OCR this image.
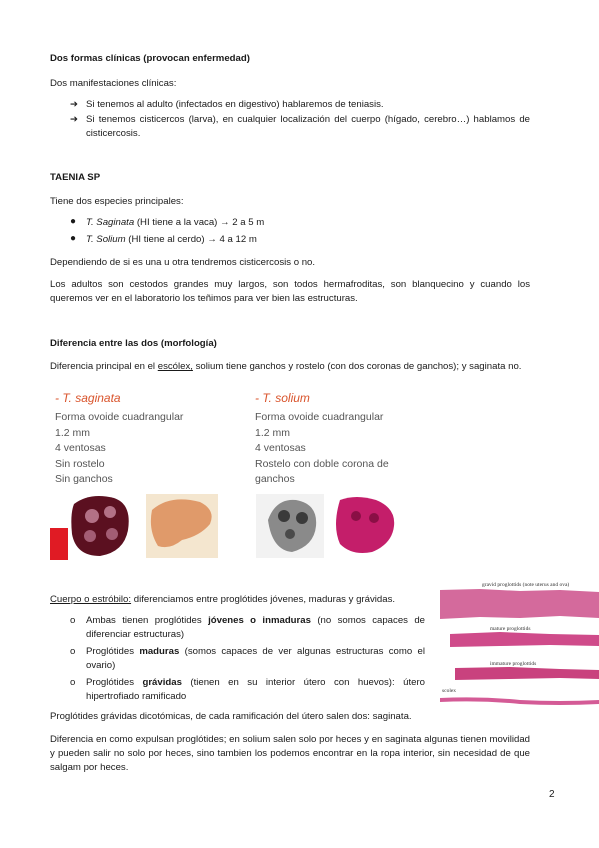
Dos formas clínicas (provocan enfermedad)
Dos manifestaciones clínicas:
➔ Si tenemos al adulto (infectados en digestivo) hablaremos de teniasis.
➔ Si tenemos cisticercos (larva), en cualquier localización del cuerpo (hígado, cerebro…) hablamos de cisticercosis.
TAENIA SP
Tiene dos especies principales:
● T. Saginata (HI tiene a la vaca) → 2 a 5 m
● T. Solium (HI tiene al cerdo) → 4 a 12 m
Dependiendo de si es una u otra tendremos cisticercosis o no.
Los adultos son cestodos grandes muy largos, son todos hermafroditas, son blanquecino y cuando los queremos ver en el laboratorio los teñimos para ver bien las estructuras.
Diferencia entre las dos (morfología)
Diferencia principal en el escólex, solium tiene ganchos y rostelo (con dos coronas de ganchos); y saginata no.
- T. saginata
Forma ovoide cuadrangular
1.2 mm
4 ventosas
Sin rostelo
Sin ganchos
- T. solium
Forma ovoide cuadrangular
1.2 mm
4 ventosas
Rostelo con doble corona de ganchos
gravid proglottids (note uterus and ova)
mature proglottids
immature proglottids
scolex
Cuerpo o estróbilo: diferenciamos entre proglótides jóvenes, maduras y grávidas.
o Ambas tienen proglótides jóvenes o inmaduras (no somos capaces de diferenciar estructuras)
o Proglótides maduras (somos capaces de ver algunas estructuras como el ovario)
o Proglótides grávidas (tienen en su interior útero con huevos): útero hipertrofiado ramificado
Proglótides grávidas dicotómicas, de cada ramificación del útero salen dos: saginata.
Diferencia en como expulsan proglótides; en solium salen solo por heces y en saginata algunas tienen movilidad y pueden salir no solo por heces, sino tambien los podemos encontrar en la ropa interior, sin necesidad de que salgam por heces.
2
